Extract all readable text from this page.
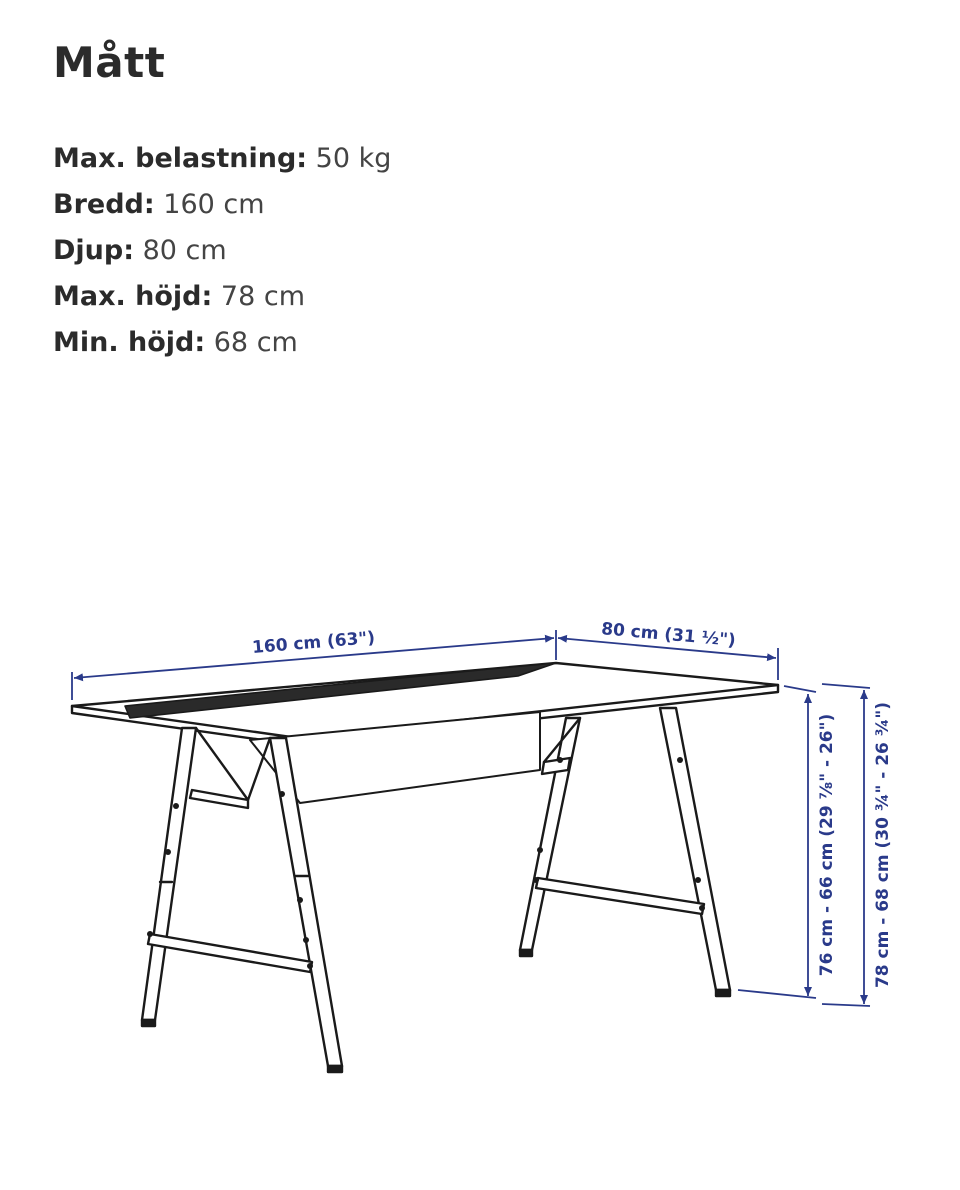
Mått
Max. belastning: 50 kg
Bredd: 160 cm
Djup: 80 cm
Max. höjd: 78 cm
Min. höjd: 68 cm
160 cm (63")	80 cm (31 ½")
76 cm - 66 cm (29 ⅞" - 26") 78 cm - 68 cm (30 ¾" - 26 ¾")
